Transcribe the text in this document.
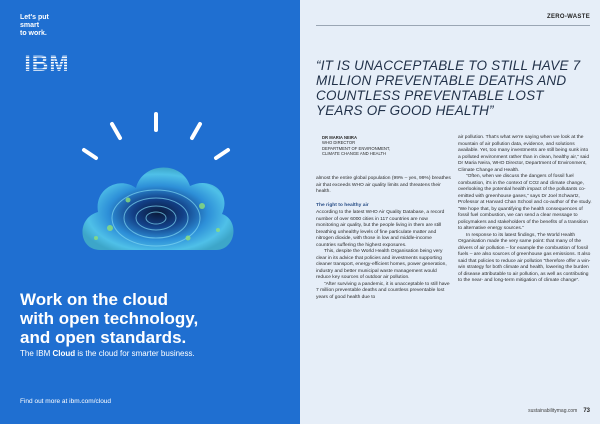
Let's put
smart
to work.
IBM
Work on the cloud
with open technology,
and open standards.
The IBM Cloud is the cloud for smarter business.
Find out more at ibm.com/cloud
ZERO-WASTE
“IT IS UNACCEPTABLE TO STILL HAVE 7 MILLION PREVENTABLE DEATHS AND COUNTLESS PREVENTABLE LOST YEARS OF GOOD HEALTH”
DR MARIA NEIRA
WHO DIRECTOR
DEPARTMENT OF ENVIRONMENT,
CLIMATE CHANGE AND HEALTH

almost the entire global population (99% – yes, 99%) breathes air that exceeds WHO air quality limits and threatens their health.

The right to healthy air

According to the latest WHO Air Quality Database, a record number of over 6000 cities in 117 countries are now monitoring air quality, but the people living in them are still breathing unhealthy levels of fine particulate matter and nitrogen dioxide, with those in low and middle-income countries suffering the highest exposures.

This, despite the World Health Organisation being very clear in its advice that policies and investments supporting cleaner transport, energy-efficient homes, power generation, industry and better municipal waste management would reduce key sources of outdoor air pollution.

“After surviving a pandemic, it is unacceptable to still have 7 million preventable deaths and countless preventable lost years of good health due to

air pollution. That's what we're saying when we look at the mountain of air pollution data, evidence, and solutions available. Yet, too many investments are still being sunk into a polluted environment rather than in clean, healthy air,” said Dr Maria Neira, WHO Director, Department of Environment, Climate Change and Health.

“Often, when we discuss the dangers of fossil fuel combustion, it's in the context of CO2 and climate change, overlooking the potential health impact of the pollutants co-emitted with greenhouse gases,” says Dr Joel Schwartz, Professor at Harvard Chan School and co-author of the study. “We hope that, by quantifying the health consequences of fossil fuel combustion, we can send a clear message to policymakers and stakeholders of the benefits of a transition to alternative energy sources.”

In response to its latest findings, The World Health Organisation made the very same point: that many of the drivers of air pollution – for example the combustion of fossil fuels – are also sources of greenhouse gas emissions. It also said that policies to reduce air pollution “therefore offer a win-win strategy for both climate and health, lowering the burden of disease attributable to air pollution, as well as contributing to the near- and long-term mitigation of climate change”.

sustainabilitymag.com 73
